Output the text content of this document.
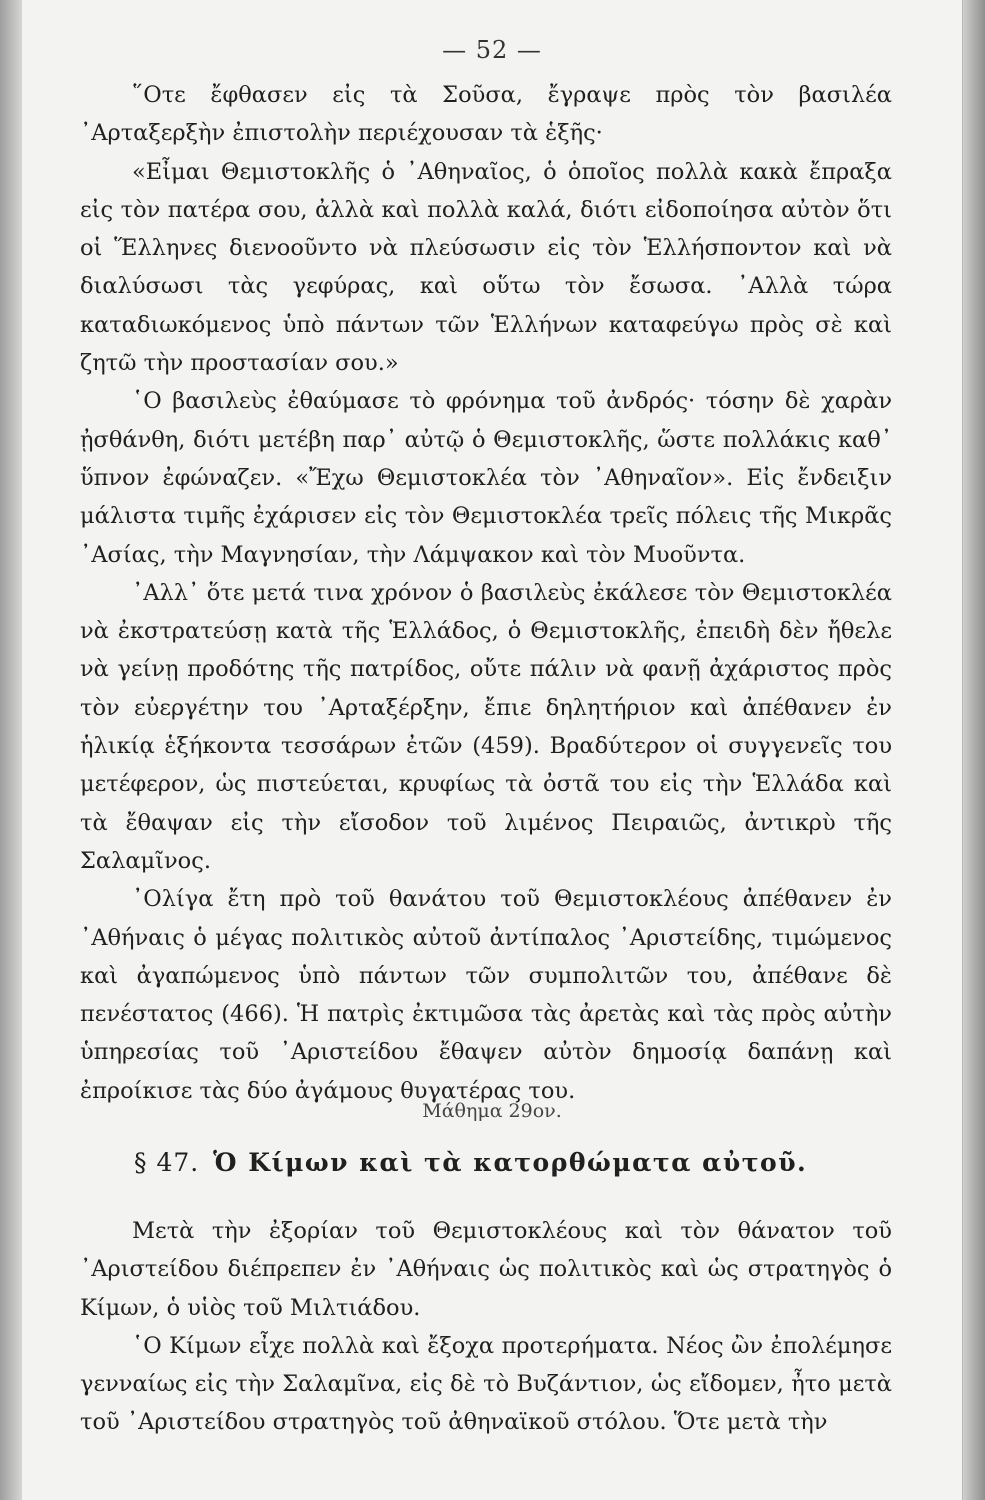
— 52 —

῞Οτε ἔφθασεν εἰς τὰ Σοῦσα, ἔγραψε πρὸς τὸν βασιλέα ᾿Αρταξερξὴν ἐπιστολὴν περιέχουσαν τὰ ἑξῆς·

«Εἶμαι Θεμιστοκλῆς ὁ ᾿Αθηναῖος, ὁ ὁποῖος πολλὰ κακὰ ἔπραξα εἰς τὸν πατέρα σου, ἀλλὰ καὶ πολλὰ καλά, διότι εἰδοποίησα αὐτὸν ὅτι οἱ Ἕλληνες διενοοῦντο νὰ πλεύσωσιν εἰς τὸν Ἑλλήσποντον καὶ νὰ διαλύσωσι τὰς γεφύρας, καὶ οὕτω τὸν ἔσωσα. ᾿Αλλὰ τώρα καταδιωκόμενος ὑπὸ πάντων τῶν Ἑλλήνων καταφεύγω πρὸς σὲ καὶ ζητῶ τὴν προστασίαν σου.»

῾Ο βασιλεὺς ἐθαύμασε τὸ φρόνημα τοῦ ἀνδρός· τόσην δὲ χαρὰν ᾐσθάνθη, διότι μετέβη παρ᾿ αὐτῷ ὁ Θεμιστοκλῆς, ὥστε πολλάκις καθ᾿ ὕπνον ἐφώναζεν. «Ἔχω Θεμιστοκλέα τὸν ᾿Αθηναῖον». Εἰς ἔνδειξιν μάλιστα τιμῆς ἐχάρισεν εἰς τὸν Θεμιστοκλέα τρεῖς πόλεις τῆς Μικρᾶς ᾿Ασίας, τὴν Μαγνησίαν, τὴν Λάμψακον καὶ τὸν Μυοῦντα.

᾿Αλλ᾿ ὅτε μετά τινα χρόνον ὁ βασιλεὺς ἐκάλεσε τὸν Θεμιστοκλέα νὰ ἐκστρατεύσῃ κατὰ τῆς Ἑλλάδος, ὁ Θεμιστοκλῆς, ἐπειδὴ δὲν ἤθελε νὰ γείνῃ προδότης τῆς πατρίδος, οὔτε πάλιν νὰ φανῇ ἀχάριστος πρὸς τὸν εὐεργέτην του ᾿Αρταξέρξην, ἔπιε δηλητήριον καὶ ἀπέθανεν ἐν ἡλικίᾳ ἑξήκοντα τεσσάρων ἐτῶν (459). Βραδύτερον οἱ συγγενεῖς του μετέφερον, ὡς πιστεύεται, κρυφίως τὰ ὀστᾶ του εἰς τὴν Ἑλλάδα καὶ τὰ ἔθαψαν εἰς τὴν εἴσοδον τοῦ λιμένος Πειραιῶς, ἀντικρὺ τῆς Σαλαμῖνος.

᾿Ολίγα ἔτη πρὸ τοῦ θανάτου τοῦ Θεμιστοκλέους ἀπέθανεν ἐν ᾿Αθήναις ὁ μέγας πολιτικὸς αὐτοῦ ἀντίπαλος ᾿Αριστείδης, τιμώμενος καὶ ἀγαπώμενος ὑπὸ πάντων τῶν συμπολιτῶν του, ἀπέθανε δὲ πενέστατος (466). Ἡ πατρὶς ἐκτιμῶσα τὰς ἀρετὰς καὶ τὰς πρὸς αὐτὴν ὑπηρεσίας τοῦ ᾿Αριστείδου ἔθαψεν αὐτὸν δημοσίᾳ δαπάνῃ καὶ ἐπροίκισε τὰς δύο ἀγάμους θυγατέρας του.

Μάθημα 29ον.
§ 47. Ὁ Κίμων καὶ τὰ κατορθώματα αὐτοῦ.

Μετὰ τὴν ἐξορίαν τοῦ Θεμιστοκλέους καὶ τὸν θάνατον τοῦ ᾿Αριστείδου διέπρεπεν ἐν ᾿Αθήναις ὡς πολιτικὸς καὶ ὡς στρατηγὸς ὁ Κίμων, ὁ υἱὸς τοῦ Μιλτιάδου.

῾Ο Κίμων εἶχε πολλὰ καὶ ἔξοχα προτερήματα. Νέος ὢν ἐπολέμησε γενναίως εἰς τὴν Σαλαμῖνα, εἰς δὲ τὸ Βυζάντιον, ὡς εἴδομεν, ἦτο μετὰ τοῦ ᾿Αριστείδου στρατηγὸς τοῦ ἀθηναϊκοῦ στόλου. Ὅτε μετὰ τὴν
